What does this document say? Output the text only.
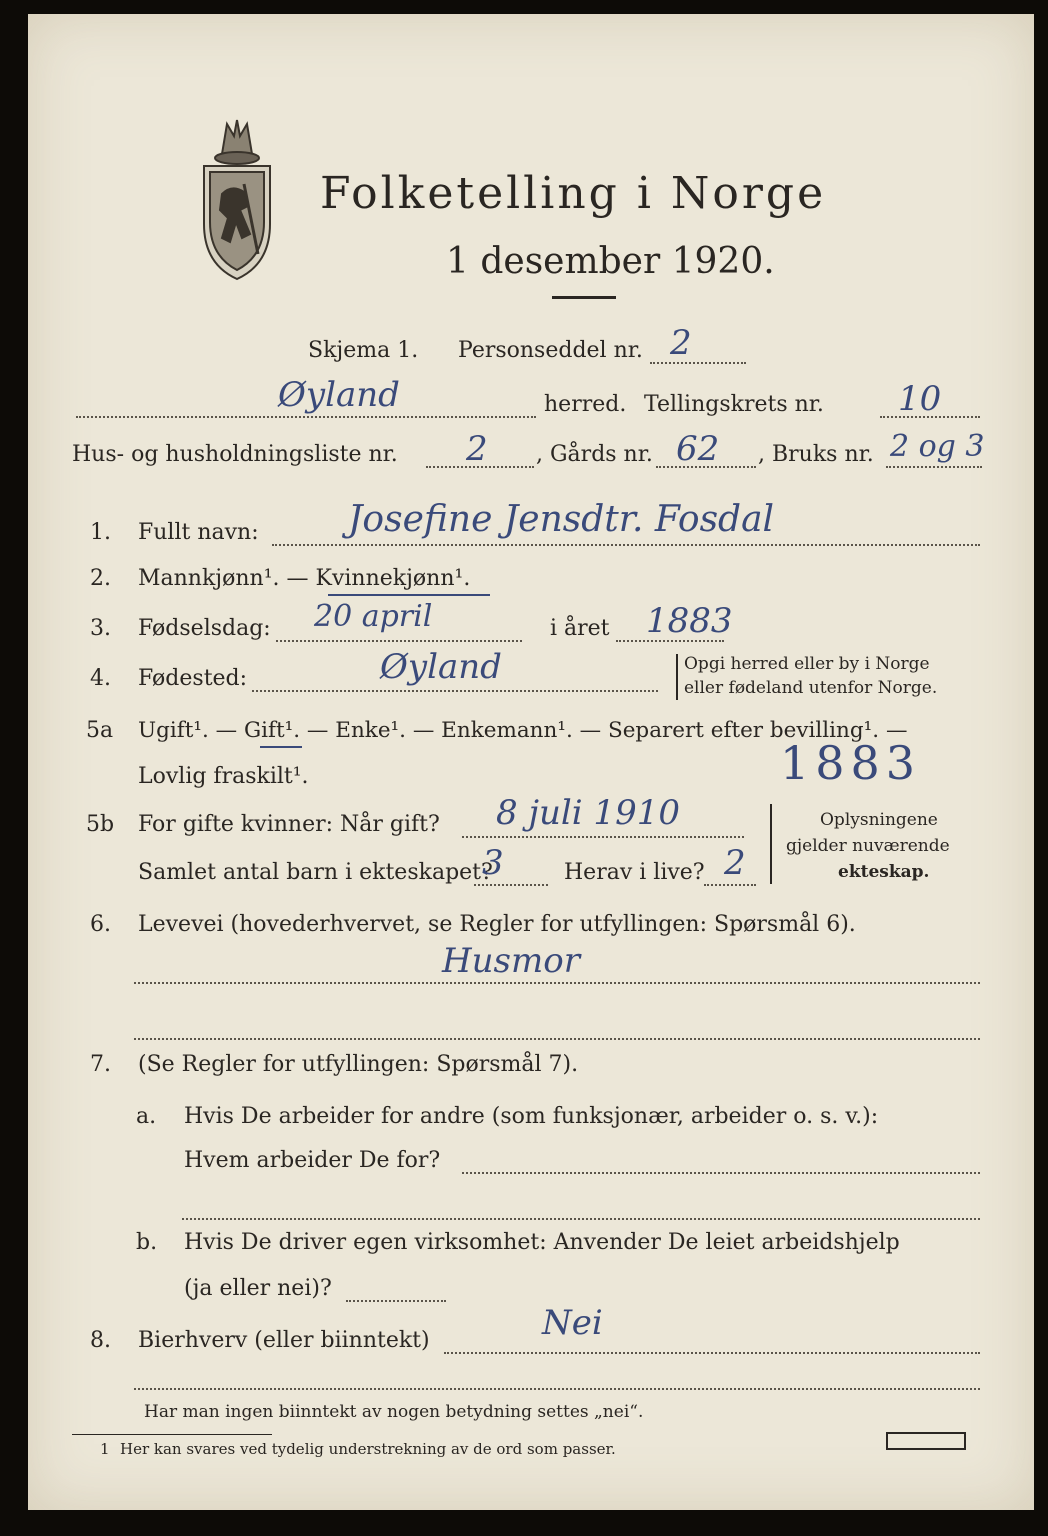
Folketelling i Norge
1 desember 1920.
Skjema 1. Personseddel nr. 2
Øyland	herred. Tellingskrets nr. 10
Hus- og husholdningsliste nr. 2 , Gårds nr. 62 , Bruks nr. 2 og 3
1. Fullt navn: Josefine Jensdtr. Fosdal
2. Mannkjønn¹. — Kvinnekjønn¹.
3. Fødselsdag: 20 april	i året 1883
4. Fødested:	Øyland	Opgi herred eller by i Norge
eller fødeland utenfor Norge.
5a Ugift¹. — Gift¹. — Enke¹. — Enkemann¹. — Separert efter bevilling¹. —
Lovlig fraskilt¹.	1883
5b For gifte kvinner: Når gift? 8 juli 1910
Samlet antal barn i ekteskapet?
3	Herav i live? 2
Oplysningene
gjelder nuværende
ekteskap.
6. Levevei (hovederhvervet, se Regler for utfyllingen: Spørsmål 6).
Husmor
7. (Se Regler for utfyllingen: Spørsmål 7).
a. Hvis De arbeider for andre (som funksjonær, arbeider o. s. v.):
Hvem arbeider De for?
b. Hvis De driver egen virksomhet: Anvender De leiet arbeidshjelp
(ja eller nei)?
8. Bierhverv (eller biinntekt)	Nei
Har man ingen biinntekt av nogen betydning settes „nei“.
1 Her kan svares ved tydelig understrekning av de ord som passer.
